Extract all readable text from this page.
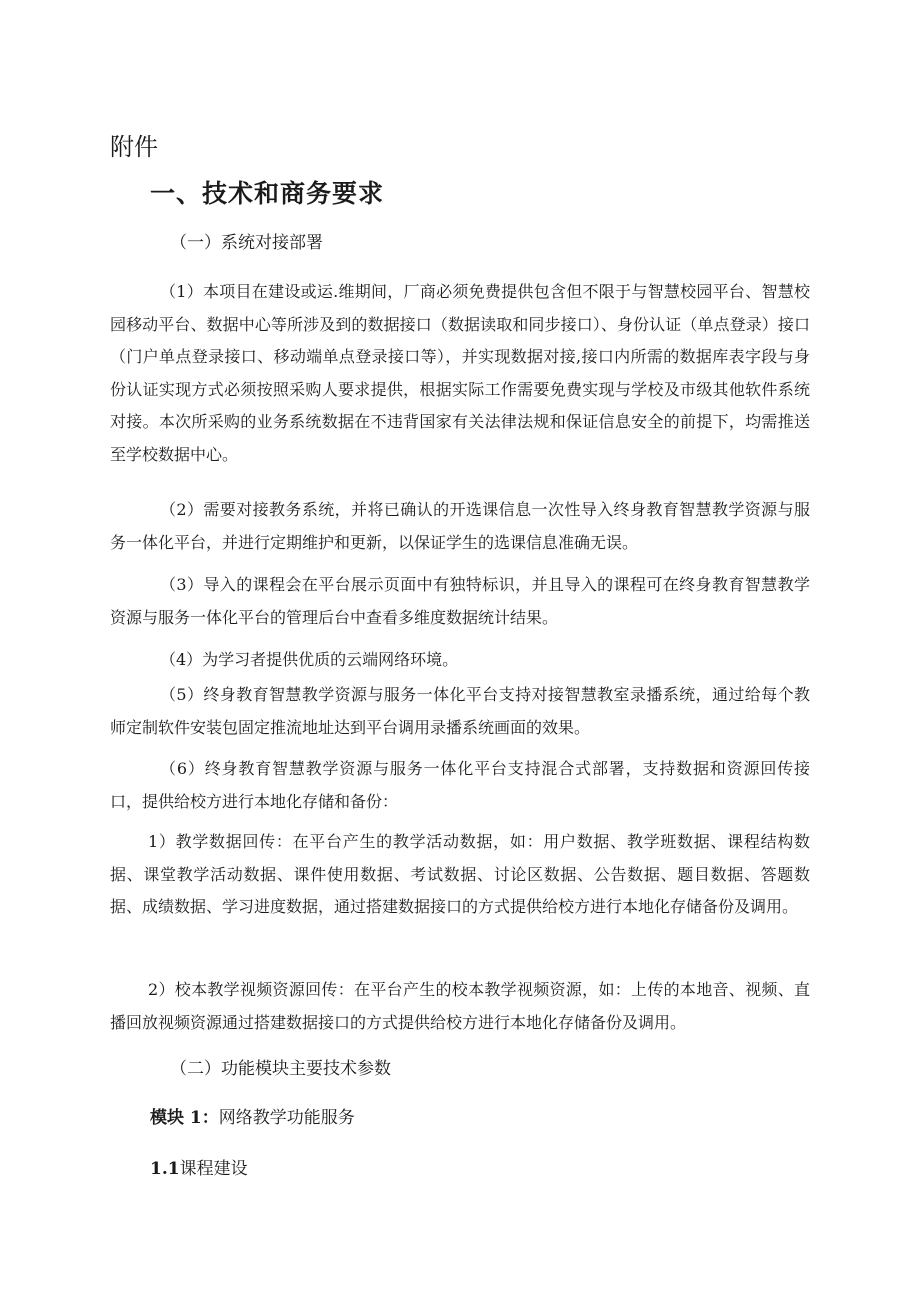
附件
一、技术和商务要求
（一）系统对接部署
（1）本项目在建设或运.维期间，厂商必须免费提供包含但不限于与智慧校园平台、智慧校园移动平台、数据中心等所涉及到的数据接口（数据读取和同步接口）、身份认证（单点登录）接口（门户单点登录接口、移动端单点登录接口等），并实现数据对接,接口内所需的数据库表字段与身份认证实现方式必须按照采购人要求提供，根据实际工作需要免费实现与学校及市级其他软件系统对接。本次所采购的业务系统数据在不违背国家有关法律法规和保证信息安全的前提下，均需推送至学校数据中心。
（2）需要对接教务系统，并将已确认的开选课信息一次性导入终身教育智慧教学资源与服务一体化平台，并进行定期维护和更新，以保证学生的选课信息准确无误。
（3）导入的课程会在平台展示页面中有独特标识，并且导入的课程可在终身教育智慧教学资源与服务一体化平台的管理后台中查看多维度数据统计结果。
（4）为学习者提供优质的云端网络环境。
（5）终身教育智慧教学资源与服务一体化平台支持对接智慧教室录播系统，通过给每个教师定制软件安装包固定推流地址达到平台调用录播系统画面的效果。
（6）终身教育智慧教学资源与服务一体化平台支持混合式部署，支持数据和资源回传接口，提供给校方进行本地化存储和备份：
1）教学数据回传：在平台产生的教学活动数据，如：用户数据、教学班数据、课程结构数据、课堂教学活动数据、课件使用数据、考试数据、讨论区数据、公告数据、题目数据、答题数据、成绩数据、学习进度数据，通过搭建数据接口的方式提供给校方进行本地化存储备份及调用。
2）校本教学视频资源回传：在平台产生的校本教学视频资源，如：上传的本地音、视频、直播回放视频资源通过搭建数据接口的方式提供给校方进行本地化存储备份及调用。
（二）功能模块主要技术参数
模块 1：网络教学功能服务
1.1课程建设
